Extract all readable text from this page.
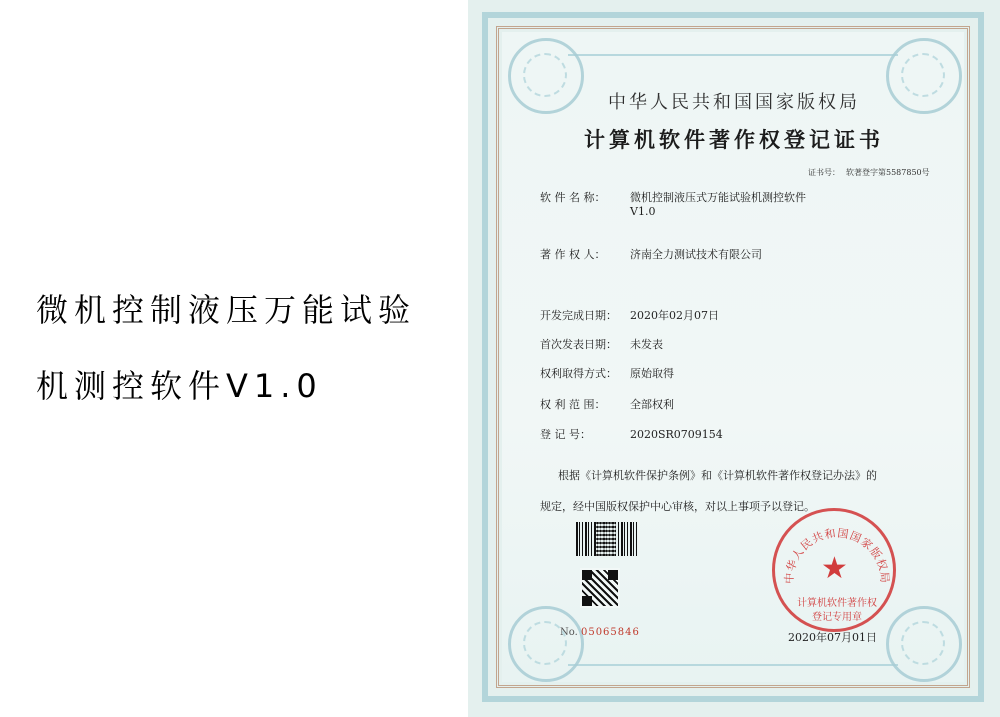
微机控制液压万能试验
机测控软件V1.0
中华人民共和国国家版权局
计算机软件著作权登记证书
证书号： 软著登字第5587850号
软 件 名 称： 微机控制液压式万能试验机测控软件
V1.0
著 作 权 人： 济南全力测试技术有限公司
开发完成日期： 2020年02月07日
首次发表日期： 未发表
权利取得方式： 原始取得
权 利 范 围： 全部权利
登 记 号：	2020SR0709154
根据《计算机软件保护条例》和《计算机软件著作权登记办法》的
规定，经中国版权保护中心审核，对以上事项予以登记。
No. 05065846
中华人民共和国国家版权局
★
计算机软件著作权
登记专用章
2020年07月01日
